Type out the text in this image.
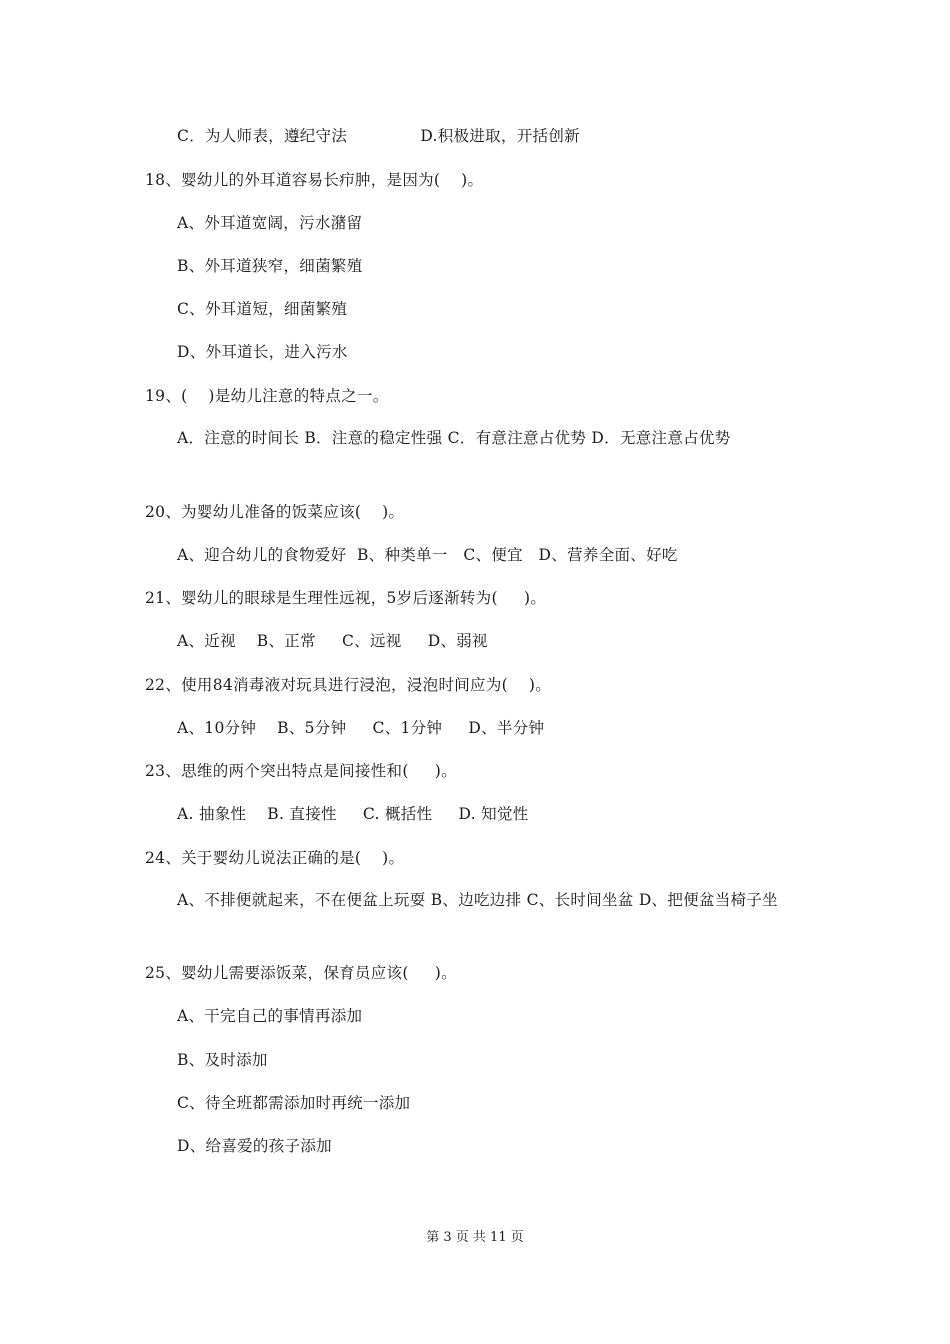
C．为人师表，遵纪守法              D.积极进取，开括创新
18、婴幼儿的外耳道容易长疖肿，是因为(    )。
A、外耳道宽阔，污水潴留
B、外耳道狭窄，细菌繁殖
C、外耳道短，细菌繁殖
D、外耳道长，进入污水
19、(    )是幼儿注意的特点之一。
A．注意的时间长 B．注意的稳定性强 C．有意注意占优势 D．无意注意占优势
20、为婴幼儿准备的饭菜应该(    )。
A、迎合幼儿的食物爱好  B、种类单一   C、便宜   D、营养全面、好吃
21、婴幼儿的眼球是生理性远视，5岁后逐渐转为(     )。
A、近视    B、正常     C、远视     D、弱视
22、使用84消毒液对玩具进行浸泡，浸泡时间应为(    )。
A、10分钟    B、5分钟     C、1分钟     D、半分钟
23、思维的两个突出特点是间接性和(     )。
A. 抽象性    B. 直接性     C. 概括性     D. 知觉性
24、关于婴幼儿说法正确的是(    )。
A、不排便就起来，不在便盆上玩耍 B、边吃边排 C、长时间坐盆 D、把便盆当椅子坐
25、婴幼儿需要添饭菜，保育员应该(     )。
A、干完自己的事情再添加
B、及时添加
C、待全班都需添加时再统一添加
D、给喜爱的孩子添加
第 3 页 共 11 页
